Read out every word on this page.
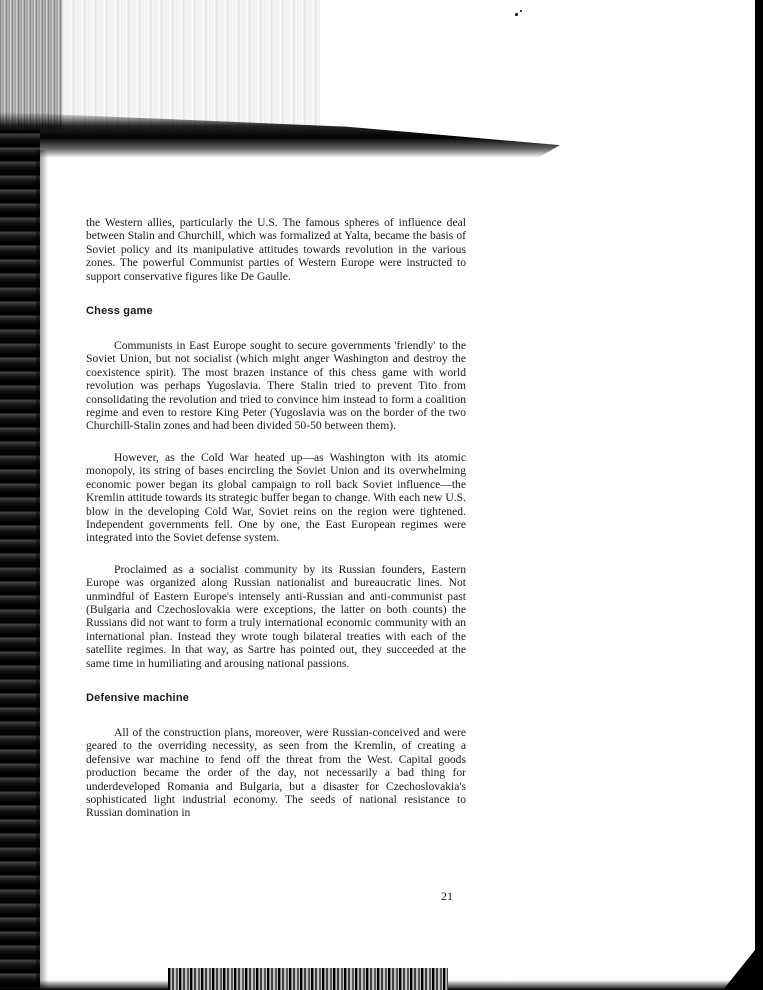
the Western allies, particularly the U.S. The famous spheres of influence deal between Stalin and Churchill, which was formalized at Yalta, became the basis of Soviet policy and its manipulative attitudes towards revolution in the various zones. The powerful Communist parties of Western Europe were instructed to support conservative figures like De Gaulle.

Chess game

Communists in East Europe sought to secure governments 'friendly' to the Soviet Union, but not socialist (which might anger Washington and destroy the coexistence spirit). The most brazen instance of this chess game with world revolution was perhaps Yugoslavia. There Stalin tried to prevent Tito from consolidating the revolution and tried to convince him instead to form a coalition regime and even to restore King Peter (Yugoslavia was on the border of the two Churchill-Stalin zones and had been divided 50-50 between them).

However, as the Cold War heated up—as Washington with its atomic monopoly, its string of bases encircling the Soviet Union and its overwhelming economic power began its global campaign to roll back Soviet influence—the Kremlin attitude towards its strategic buffer began to change. With each new U.S. blow in the developing Cold War, Soviet reins on the region were tightened. Independent governments fell. One by one, the East European regimes were integrated into the Soviet defense system.

Proclaimed as a socialist community by its Russian founders, Eastern Europe was organized along Russian nationalist and bureaucratic lines. Not unmindful of Eastern Europe's intensely anti-Russian and anti-communist past (Bulgaria and Czechoslovakia were exceptions, the latter on both counts) the Russians did not want to form a truly international economic community with an international plan. Instead they wrote tough bilateral treaties with each of the satellite regimes. In that way, as Sartre has pointed out, they succeeded at the same time in humiliating and arousing national passions.

Defensive machine

All of the construction plans, moreover, were Russian-conceived and were geared to the overriding necessity, as seen from the Kremlin, of creating a defensive war machine to fend off the threat from the West. Capital goods production became the order of the day, not necessarily a bad thing for underdeveloped Romania and Bulgaria, but a disaster for Czechoslovakia's sophisticated light industrial economy. The seeds of national resistance to Russian domination in

21
